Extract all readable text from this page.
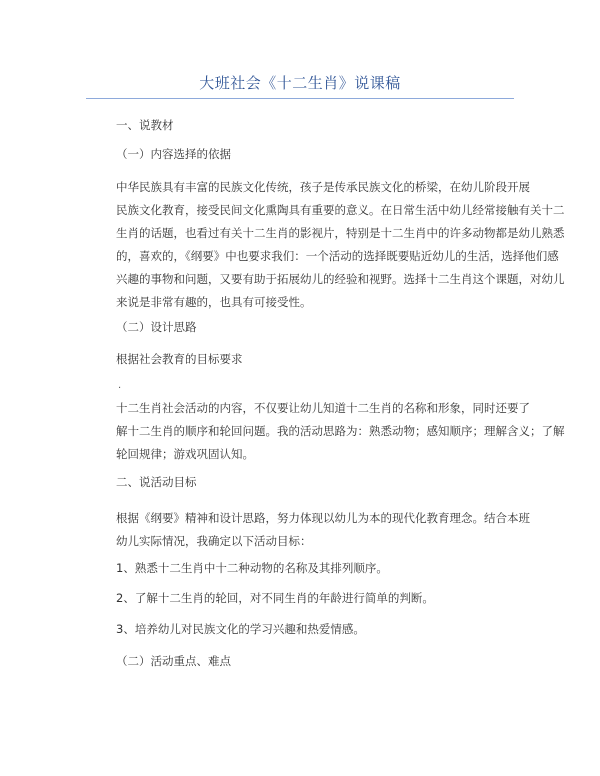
大班社会《十二生肖》说课稿
一、说教材
（一）内容选择的依据
中华民族具有丰富的民族文化传统，孩子是传承民族文化的桥梁，在幼儿阶段开展
民族文化教育，接受民间文化熏陶具有重要的意义。在日常生活中幼儿经常接触有关十二
生肖的话题，也看过有关十二生肖的影视片，特别是十二生肖中的许多动物都是幼儿熟悉
的，喜欢的，《纲要》中也要求我们：一个活动的选择既要贴近幼儿的生活，选择他们感
兴趣的事物和问题，又要有助于拓展幼儿的经验和视野。选择十二生肖这个课题，对幼儿
来说是非常有趣的，也具有可接受性。
（二）设计思路
根据社会教育的目标要求
.
十二生肖社会活动的内容，不仅要让幼儿知道十二生肖的名称和形象，同时还要了
解十二生肖的顺序和轮回问题。我的活动思路为：熟悉动物；感知顺序；理解含义；了解
轮回规律；游戏巩固认知。
二、说活动目标
根据《纲要》精神和设计思路，努力体现以幼儿为本的现代化教育理念。结合本班
幼儿实际情况，我确定以下活动目标：
1、熟悉十二生肖中十二种动物的名称及其排列顺序。
2、了解十二生肖的轮回，对不同生肖的年龄进行简单的判断。
3、培养幼儿对民族文化的学习兴趣和热爱情感。
（二）活动重点、难点
